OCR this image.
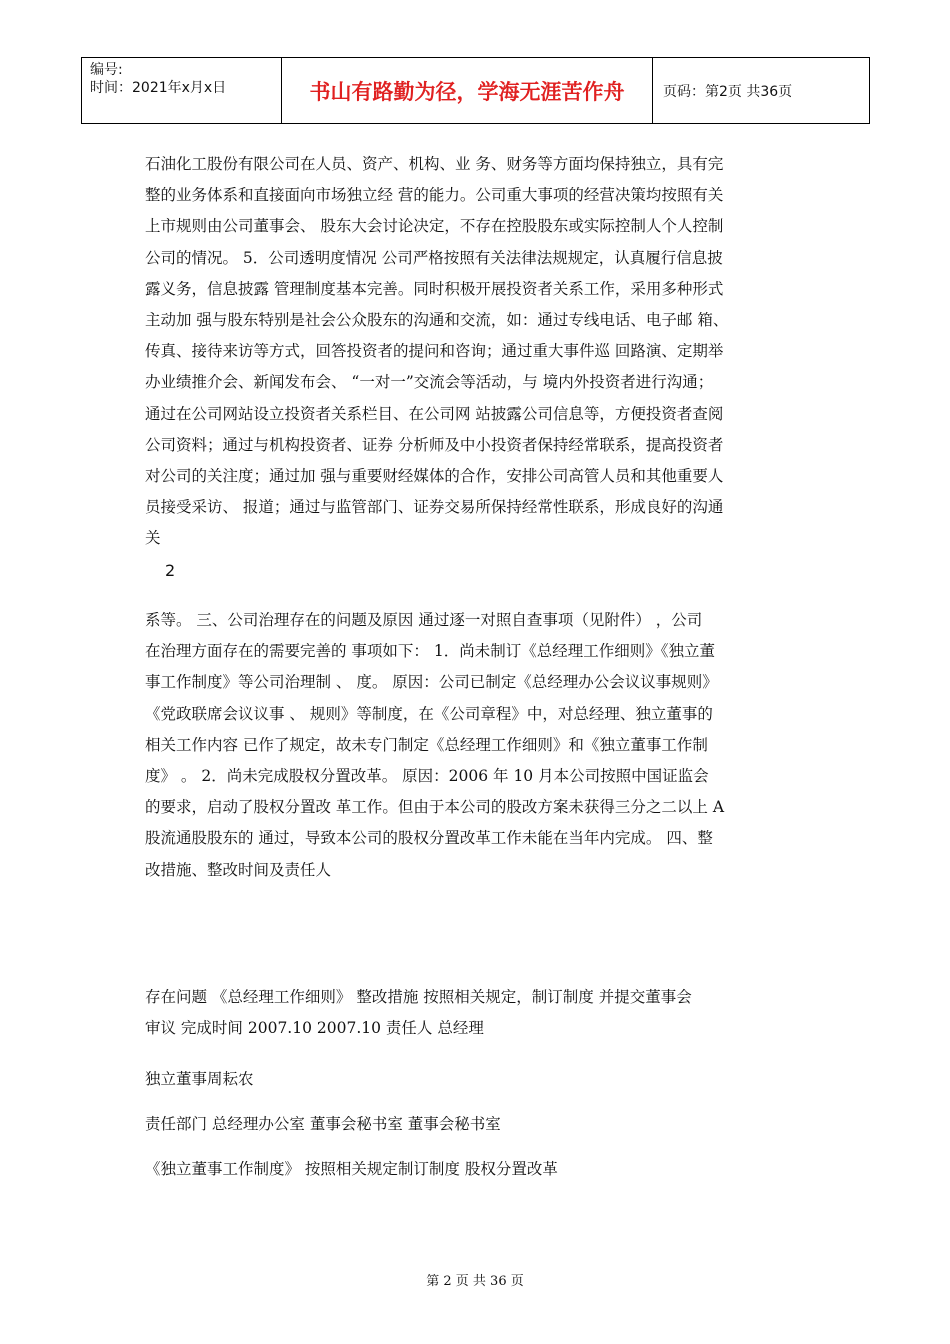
编号:
时间：2021年x月x日	书山有路勤为径，学海无涯苦作舟	页码：第2页 共36页
石油化工股份有限公司在人员、资产、机构、业 务、财务等方面均保持独立，具有完
整的业务体系和直接面向市场独立经 营的能力。公司重大事项的经营决策均按照有关
上市规则由公司董事会、 股东大会讨论决定，不存在控股股东或实际控制人个人控制
公司的情况。 5．公司透明度情况 公司严格按照有关法律法规规定，认真履行信息披
露义务，信息披露 管理制度基本完善。同时积极开展投资者关系工作，采用多种形式
主动加 强与股东特别是社会公众股东的沟通和交流，如：通过专线电话、电子邮 箱、
传真、接待来访等方式，回答投资者的提问和咨询；通过重大事件巡 回路演、定期举
办业绩推介会、新闻发布会、 “一对一”交流会等活动，与 境内外投资者进行沟通；
通过在公司网站设立投资者关系栏目、在公司网 站披露公司信息等，方便投资者查阅
公司资料；通过与机构投资者、证券 分析师及中小投资者保持经常联系，提高投资者
对公司的关注度；通过加 强与重要财经媒体的合作，安排公司高管人员和其他重要人
员接受采访、 报道；通过与监管部门、证券交易所保持经常性联系，形成良好的沟通
关
2
系等。 三、公司治理存在的问题及原因 通过逐一对照自查事项（见附件） ，公司
在治理方面存在的需要完善的 事项如下： 1．尚未制订《总经理工作细则》《独立董
事工作制度》等公司治理制 、 度。 原因：公司已制定《总经理办公会议议事规则》
《党政联席会议议事 、 规则》等制度，在《公司章程》中，对总经理、独立董事的
相关工作内容 已作了规定，故未专门制定《总经理工作细则》和《独立董事工作制
度》 。 2．尚未完成股权分置改革。 原因：2006 年 10 月本公司按照中国证监会
的要求，启动了股权分置改 革工作。但由于本公司的股改方案未获得三分之二以上 A
股流通股股东的 通过，导致本公司的股权分置改革工作未能在当年内完成。 四、整
改措施、整改时间及责任人
存在问题 《总经理工作细则》 整改措施 按照相关规定，制订制度 并提交董事会
审议 完成时间 2007.10 2007.10 责任人 总经理
独立董事周耘农
责任部门 总经理办公室 董事会秘书室 董事会秘书室
《独立董事工作制度》 按照相关规定制订制度 股权分置改革
第 2 页 共 36 页
